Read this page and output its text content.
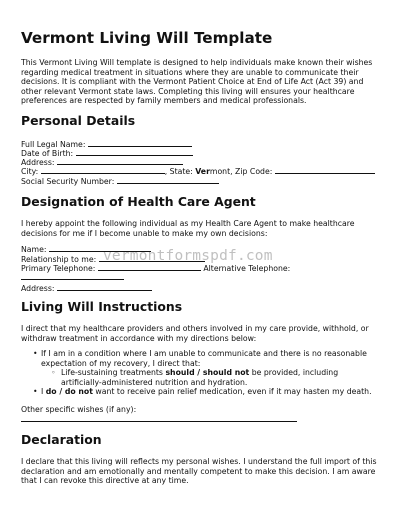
Vermont Living Will Template
This Vermont Living Will template is designed to help individuals make known their wishes regarding medical treatment in situations where they are unable to communicate their decisions. It is compliant with the Vermont Patient Choice at End of Life Act (Act 39) and other relevant Vermont state laws. Completing this living will ensures your healthcare preferences are respected by family members and medical professionals.
Personal Details
Full Legal Name:
Date of Birth:
Address:
City:	, State: Vermont, Zip Code:
Social Security Number:
Designation of Health Care Agent
I hereby appoint the following individual as my Health Care Agent to make healthcare decisions for me if I become unable to make my own decisions:
Name:
Relationship to me:
Primary Telephone:	Alternative Telephone:
Address:
vermontformspdf.com
Living Will Instructions
I direct that my healthcare providers and others involved in my care provide, withhold, or withdraw treatment in accordance with my directions below:
• If I am in a condition where I am unable to communicate and there is no reasonable expectation of my recovery, I direct that:
◦ Life-sustaining treatments should / should not be provided, including artificially-administered nutrition and hydration.
• I do / do not want to receive pain relief medication, even if it may hasten my death.
Other specific wishes (if any):
Declaration
I declare that this living will reflects my personal wishes. I understand the full import of this declaration and am emotionally and mentally competent to make this decision. I am aware that I can revoke this directive at any time.
